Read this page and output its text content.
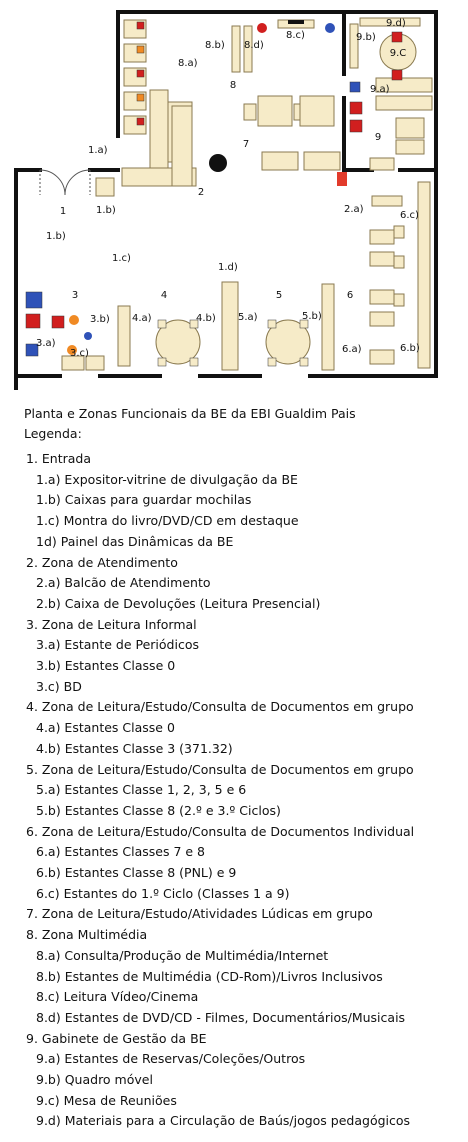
1
2
3	4	5	6
7
8
9
9.C
1.a)
1.b)
1.b)
1.c)
1.d)
2.a)
3.a)
3.b)
3.c)
4.a)	4.b) 5.a)	5.b)
6.a)	6.b)
6.c)
8.a)
8.b)
8.c)
8.d)
9.a)
9.b)
9.d)
Planta e Zonas Funcionais da BE da EBI Gualdim Pais
Legenda:
1. Entrada
1.a) Expositor-vitrine de divulgação da BE
1.b) Caixas para guardar mochilas
1.c) Montra do livro/DVD/CD em destaque
1d) Painel das Dinâmicas da BE
2. Zona de Atendimento
2.a) Balcão de Atendimento
2.b) Caixa de Devoluções (Leitura Presencial)
3. Zona de Leitura Informal
3.a) Estante de Periódicos
3.b) Estantes Classe 0
3.c) BD
4. Zona de Leitura/Estudo/Consulta de Documentos em grupo
4.a) Estantes Classe 0
4.b) Estantes Classe 3 (371.32)
5. Zona de Leitura/Estudo/Consulta de Documentos em grupo
5.a) Estantes Classe 1, 2, 3, 5 e 6
5.b) Estantes Classe 8 (2.º e 3.º Ciclos)
6. Zona de Leitura/Estudo/Consulta de Documentos Individual
6.a) Estantes Classes 7 e 8
6.b) Estantes Classe 8 (PNL) e 9
6.c) Estantes do 1.º Ciclo (Classes 1 a 9)
7. Zona de Leitura/Estudo/Atividades Lúdicas em grupo
8. Zona Multimédia
8.a) Consulta/Produção de Multimédia/Internet
8.b) Estantes de Multimédia (CD-Rom)/Livros Inclusivos
8.c) Leitura Vídeo/Cinema
8.d) Estantes de DVD/CD - Filmes, Documentários/Musicais
9. Gabinete de Gestão da BE
9.a) Estantes de Reservas/Coleções/Outros
9.b) Quadro móvel
9.c) Mesa de Reuniões
9.d) Materiais para a Circulação de Baús/jogos pedagógicos
